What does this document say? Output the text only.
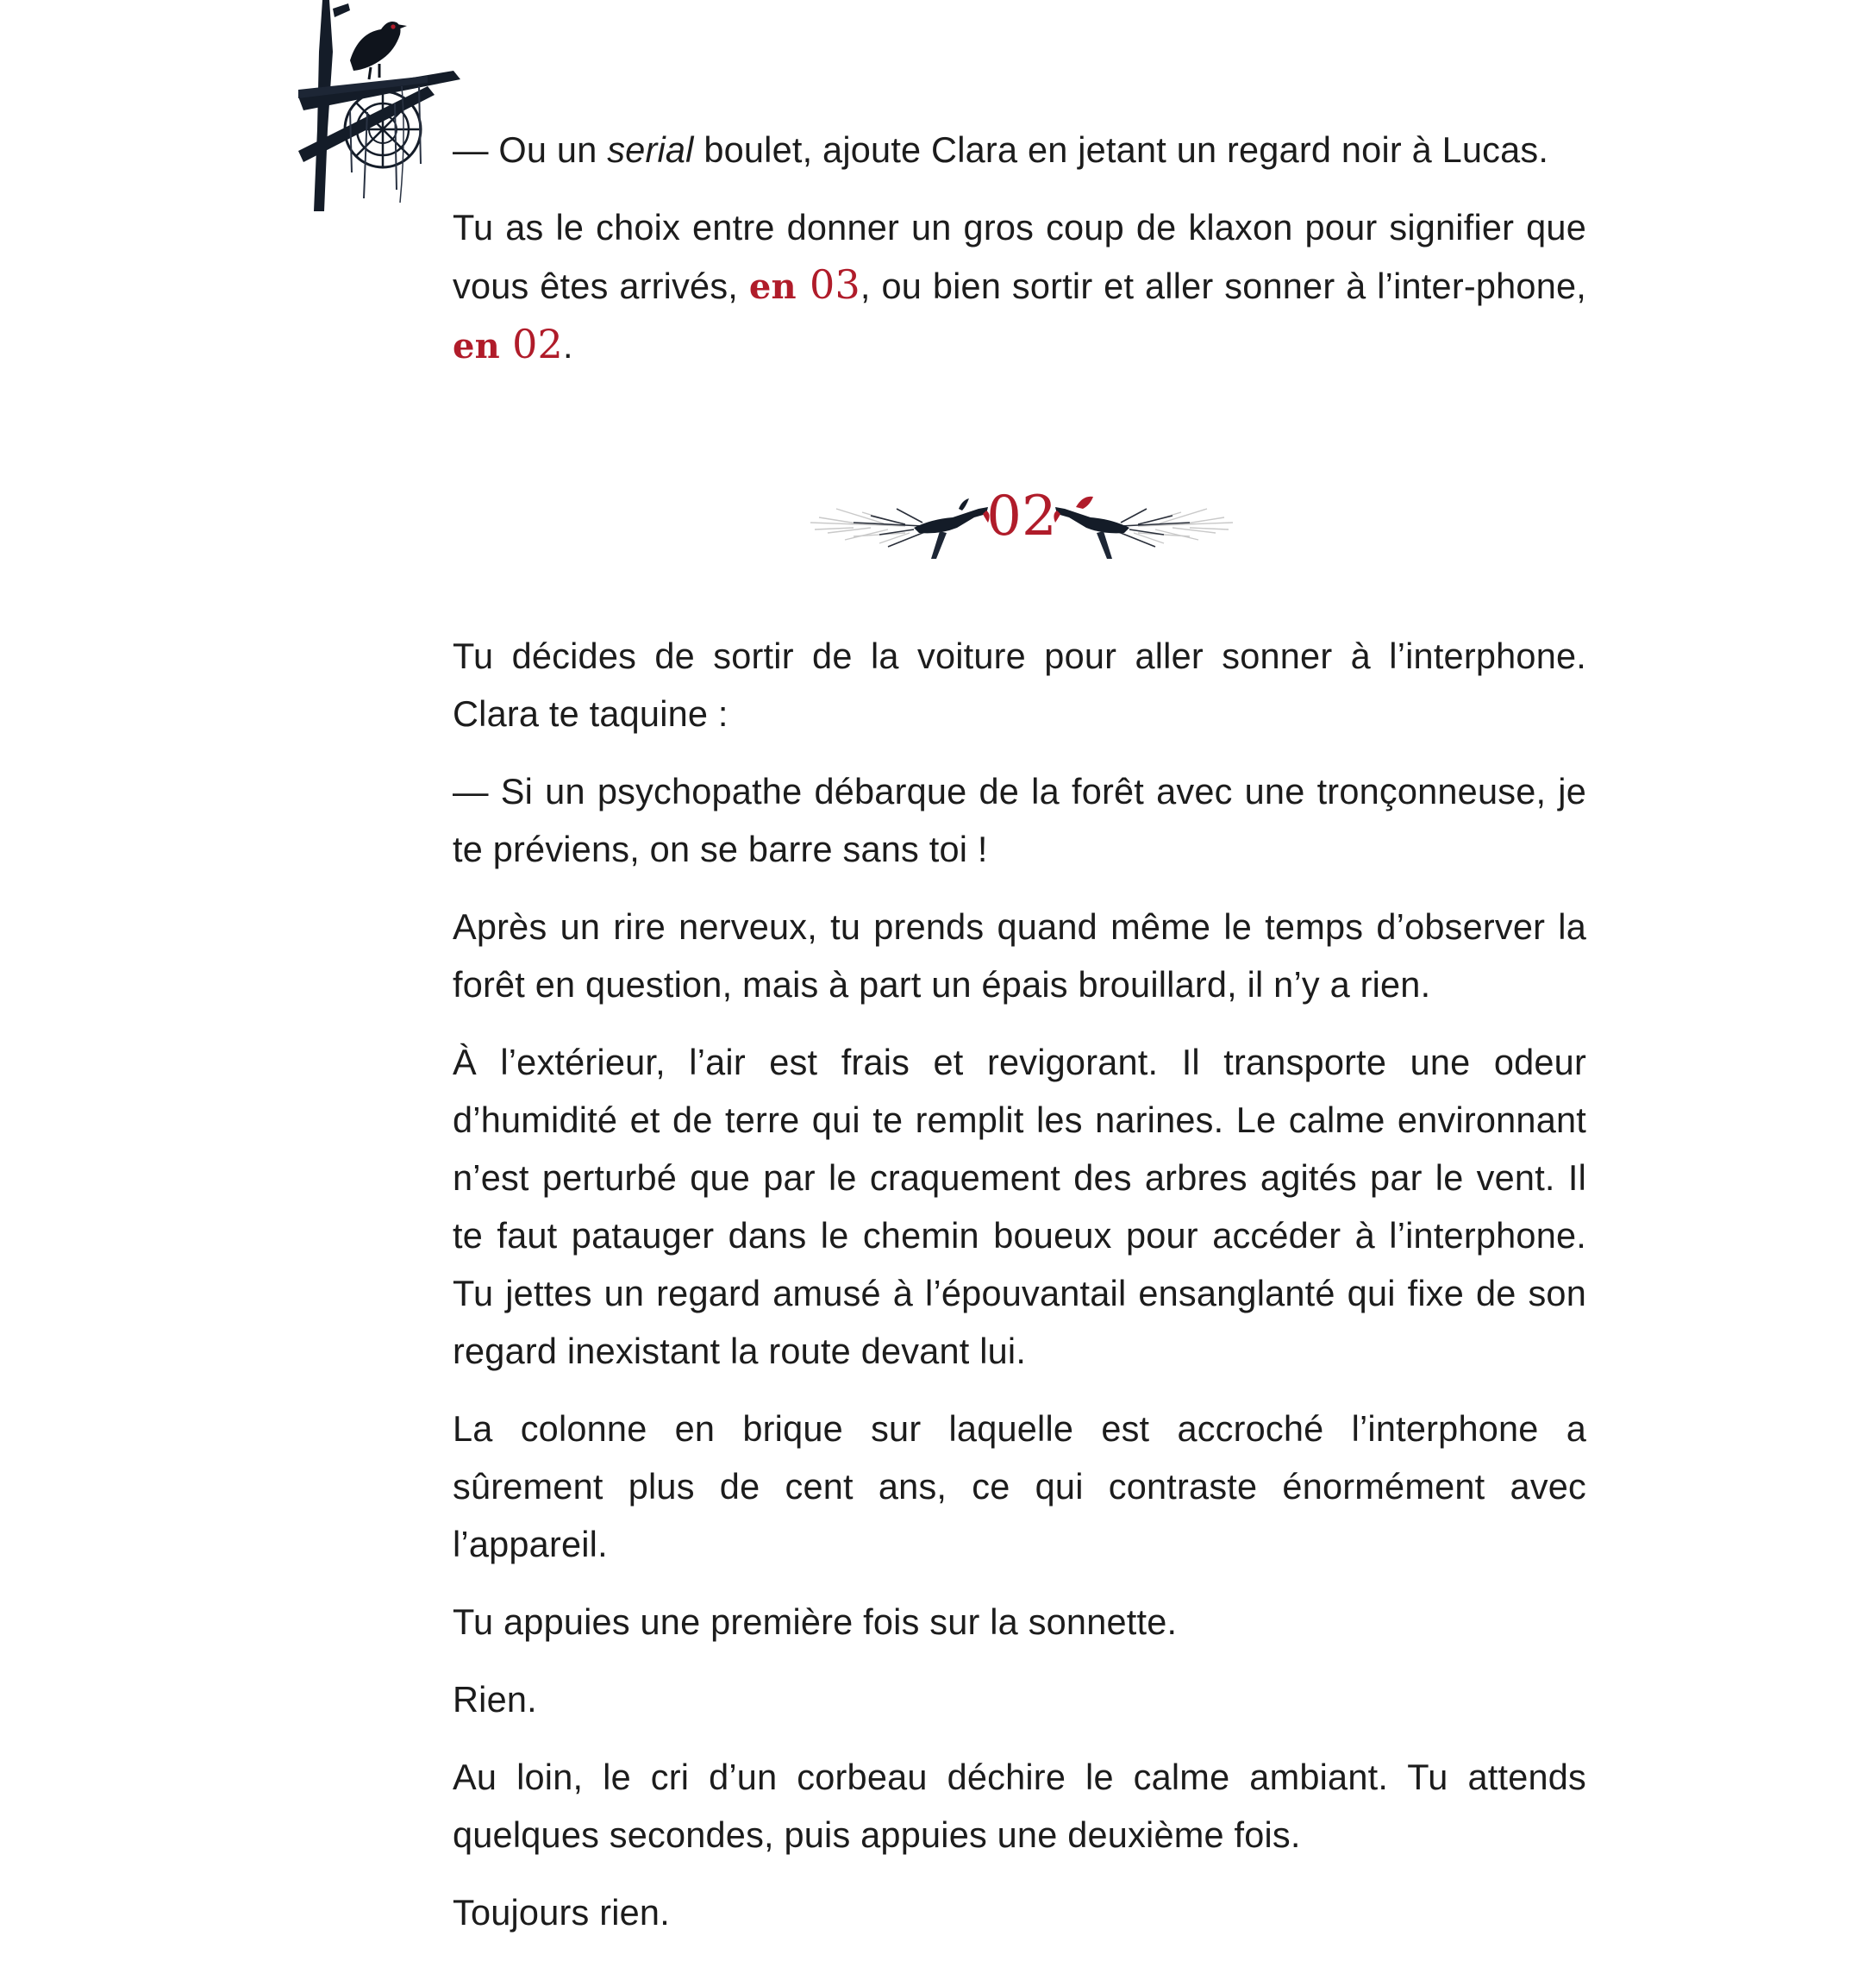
— Ou un serial boulet, ajoute Clara en jetant un regard noir à Lucas.

Tu as le choix entre donner un gros coup de klaxon pour signifier que vous êtes arrivés, en 03, ou bien sortir et aller sonner à l’inter-phone, en 02.

02

Tu décides de sortir de la voiture pour aller sonner à l’interphone. Clara te taquine :

— Si un psychopathe débarque de la forêt avec une tronçonneuse, je te préviens, on se barre sans toi !

Après un rire nerveux, tu prends quand même le temps d’observer la forêt en question, mais à part un épais brouillard, il n’y a rien.

À l’extérieur, l’air est frais et revigorant. Il transporte une odeur d’humidité et de terre qui te remplit les narines. Le calme environnant n’est perturbé que par le craquement des arbres agités par le vent. Il te faut patauger dans le chemin boueux pour accéder à l’interphone. Tu jettes un regard amusé à l’épouvantail ensanglanté qui fixe de son regard inexistant la route devant lui.

La colonne en brique sur laquelle est accroché l’interphone a sûrement plus de cent ans, ce qui contraste énormément avec l’appareil.

Tu appuies une première fois sur la sonnette.

Rien.

Au loin, le cri d’un corbeau déchire le calme ambiant. Tu attends quelques secondes, puis appuies une deuxième fois.

Toujours rien.
